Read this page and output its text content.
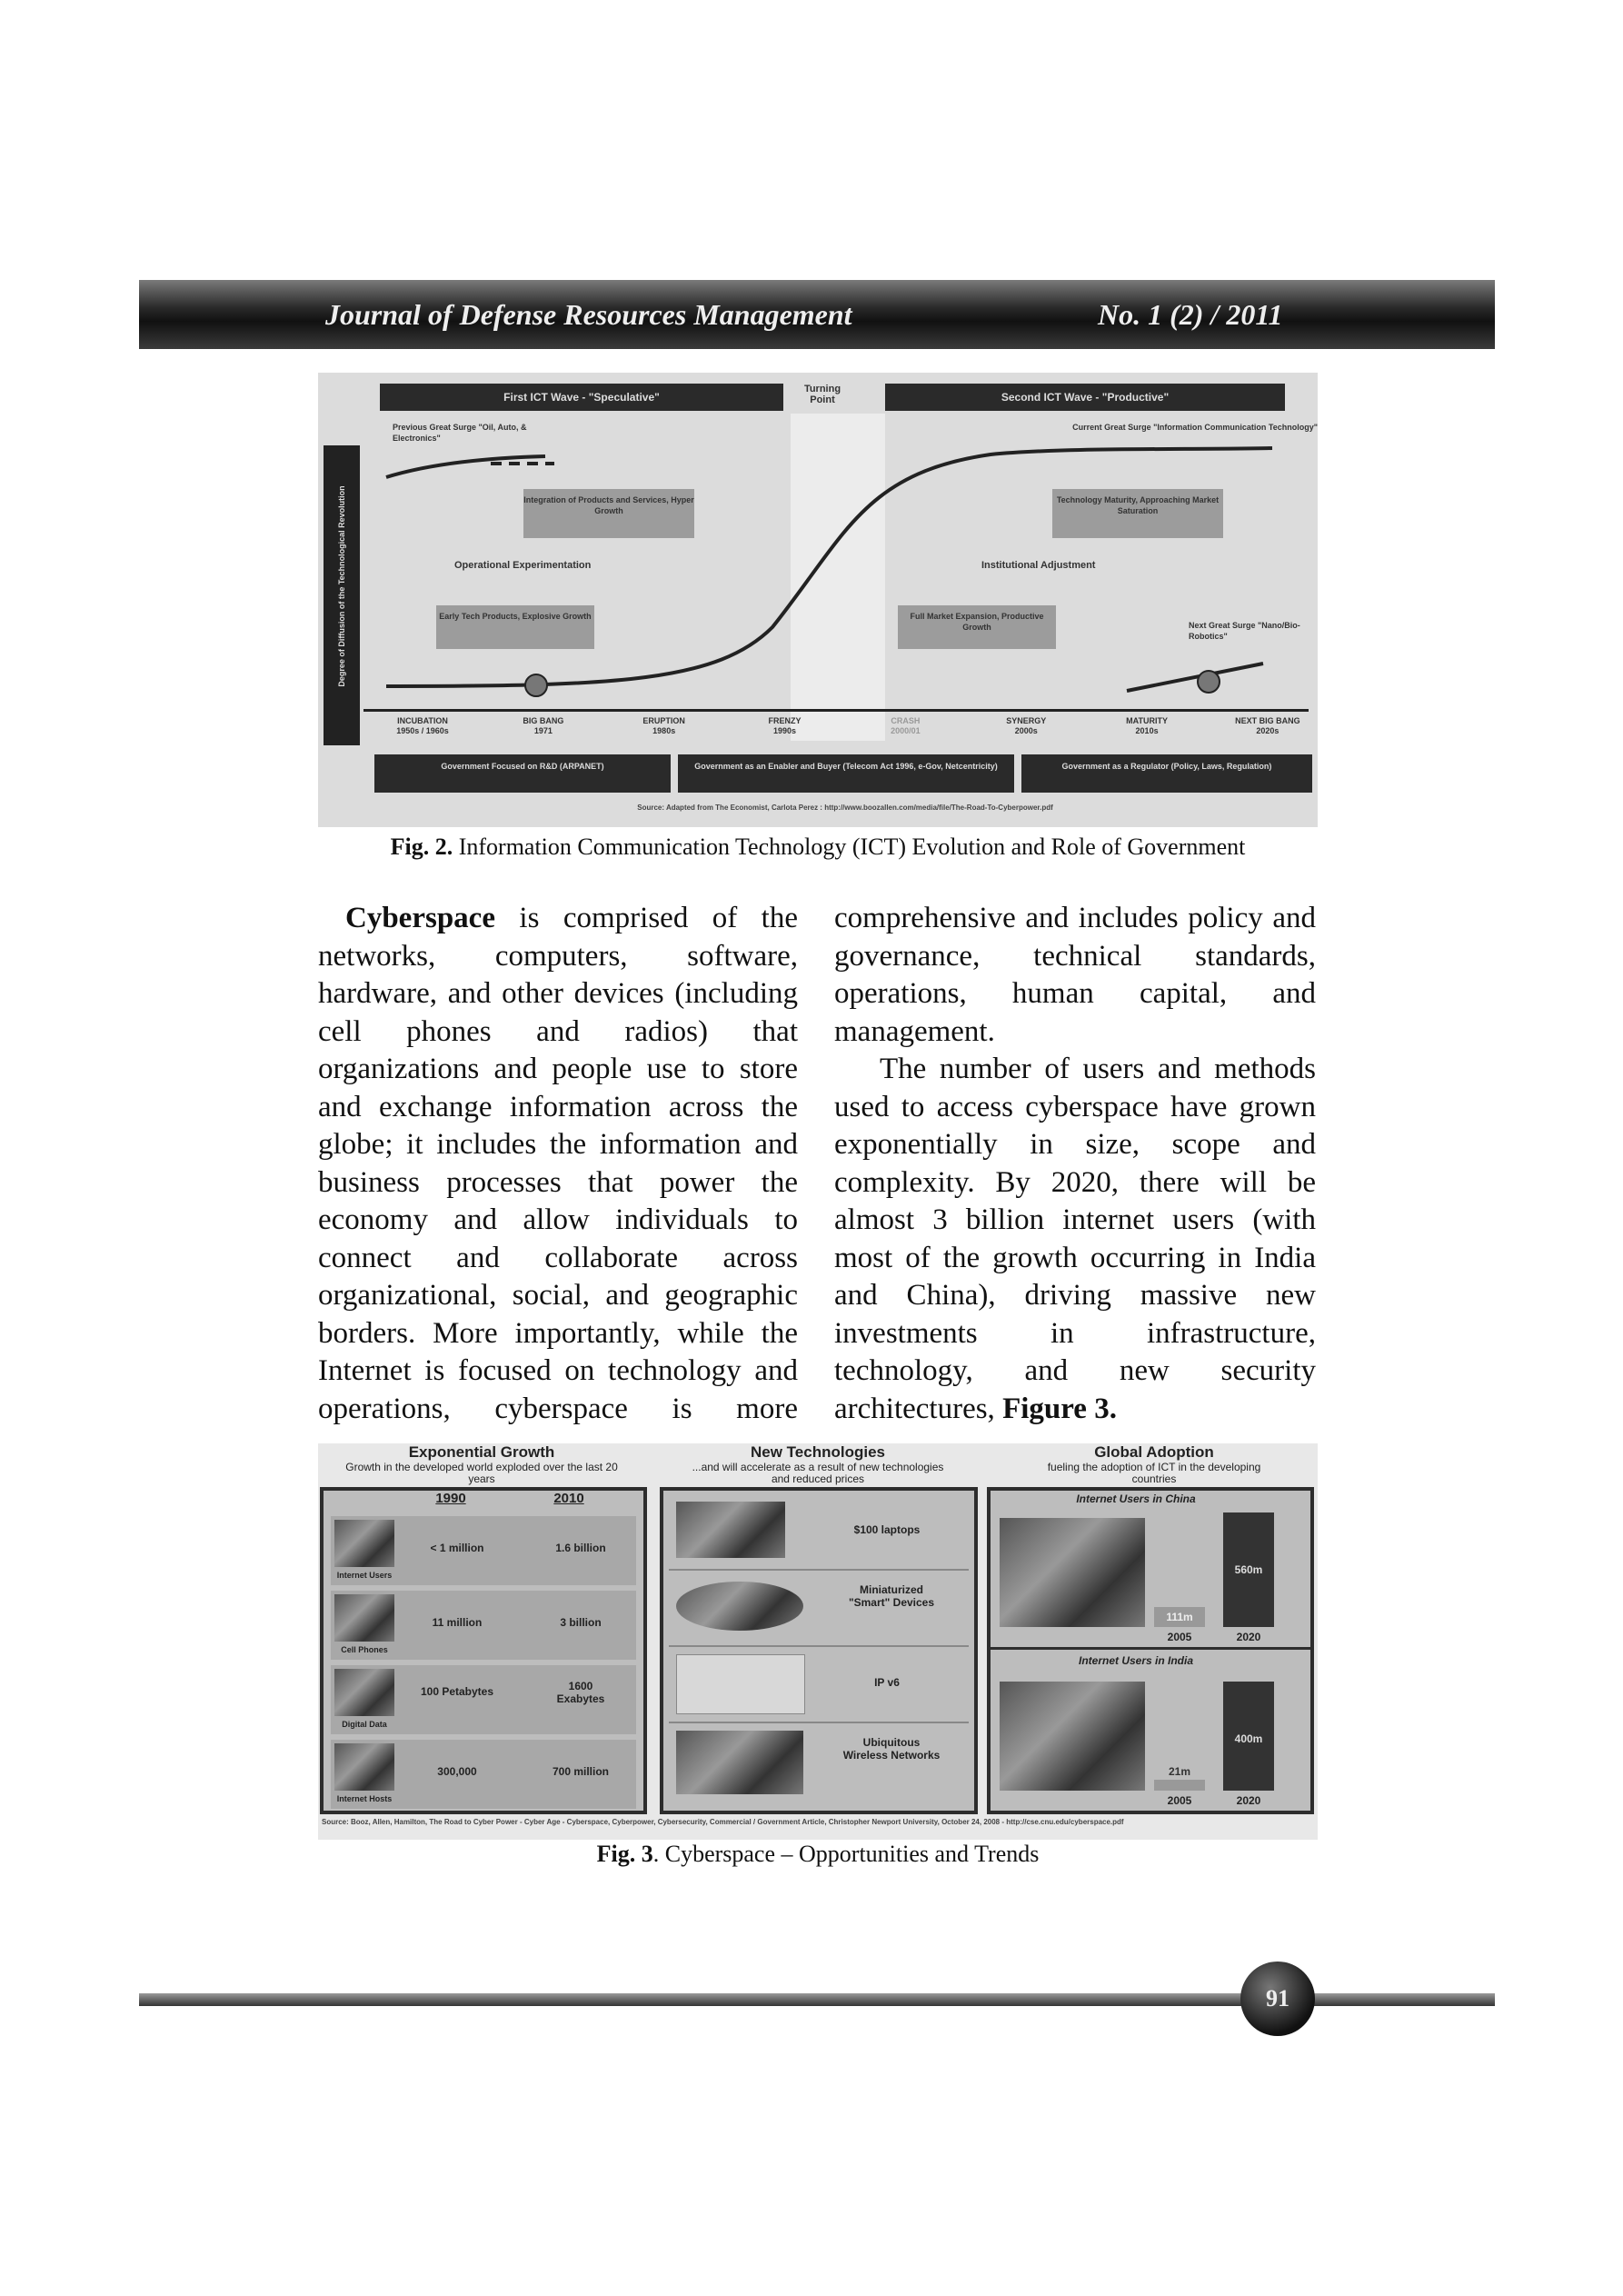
Journal of Defense Resources Management	No. 1 (2) / 2011
First ICT Wave - "Speculative"
Turning Point	Second ICT Wave - "Productive"
Degree of Diffusion of the Technological Revolution
Previous Great Surge "Oil, Auto, & Electronics"
Current Great Surge "Information Communication Technology"
Integration of Products and Services, Hyper Growth
Technology Maturity, Approaching Market Saturation
Operational Experimentation	Institutional Adjustment
Early Tech Products, Explosive Growth	Full Market Expansion, Productive Growth	Next Great Surge "Nano/Bio-Robotics"
INCUBATION
1950s / 1960s
BIG BANG
1971
ERUPTION
1980s
FRENZY
1990s
CRASH
2000/01
SYNERGY
2000s
MATURITY
2010s
NEXT BIG BANG
2020s
Government Focused on R&D (ARPANET)	Government as an Enabler and Buyer (Telecom Act 1996, e-Gov, Netcentricity)	Government as a Regulator (Policy, Laws, Regulation)
Source: Adapted from The Economist, Carlota Perez : http://www.boozallen.com/media/file/The-Road-To-Cyberpower.pdf
Fig. 2. Information Communication Technology (ICT) Evolution and Role of Government

Cyberspace is comprised of the networks, computers, software, hardware, and other devices (including cell phones and radios) that organizations and people use to store and exchange information across the globe; it includes the information and business processes that power the economy and allow individuals to connect and collaborate across organizational, social, and geographic borders. More importantly, while the Internet is focused on technology and operations, cyberspace is more

comprehensive and includes policy and governance, technical standards, operations, human capital, and management.

The number of users and methods used to access cyberspace have grown exponentially in size, scope and complexity. By 2020, there will be almost 3 billion internet users (with most of the growth occurring in India and China), driving massive new investments in infrastructure, technology, and new security architectures, Figure 3.

Exponential Growth
Growth in the developed world exploded over the last 20 years
1990	2010
Internet Users
< 1 million	1.6 billion
Cell Phones
11 million	3 billion
Digital Data
100 Petabytes	1600 Exabytes
Internet Hosts
300,000	700 million
New Technologies
...and will accelerate as a result of new technologies and reduced prices
$100 laptops
Miniaturized "Smart" Devices
IP v6
Ubiquitous Wireless Networks
Global Adoption
fueling the adoption of ICT in the developing countries
Internet Users in China
111m
560m
2005	2020
Internet Users in India
400m
21m
2005	2020
Source: Booz, Allen, Hamilton, The Road to Cyber Power - Cyber Age - Cyberspace, Cyberpower, Cybersecurity, Commercial / Government Article, Christopher Newport University, October 24, 2008 - http://cse.cnu.edu/cyberspace.pdf
Fig. 3. Cyberspace – Opportunities and Trends
91
